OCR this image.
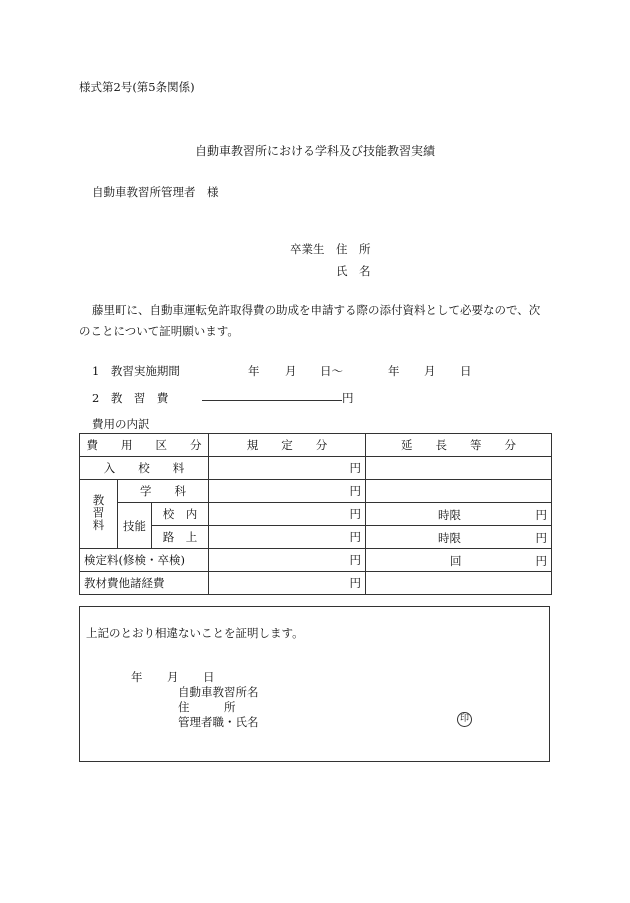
様式第2号(第5条関係)
自動車教習所における学科及び技能教習実績
自動車教習所管理者　様
卒業生 住　所
氏　名
藤里町に、自動車運転免許取得費の助成を申請する際の添付資料として必要なので、次
のことについて証明願います。
1　教習実施期間	年 月 日〜	年 月 日
2　教　習　費	円
費用の内訳
費　　用　　区　　分			規　　定　　分	延　　長　　等　　分
入　　校　　料			円	
教習料	学　　科		円	
	技能	校　内	円	時限 円

		路　上	円	時限 円

検定料(修検・卒検)			円	回 円

教材費他諸経費			円	
上記のとおり相違ないことを証明します。
年 月 日
自動車教習所名
住　　　所
管理者職・氏名	印
